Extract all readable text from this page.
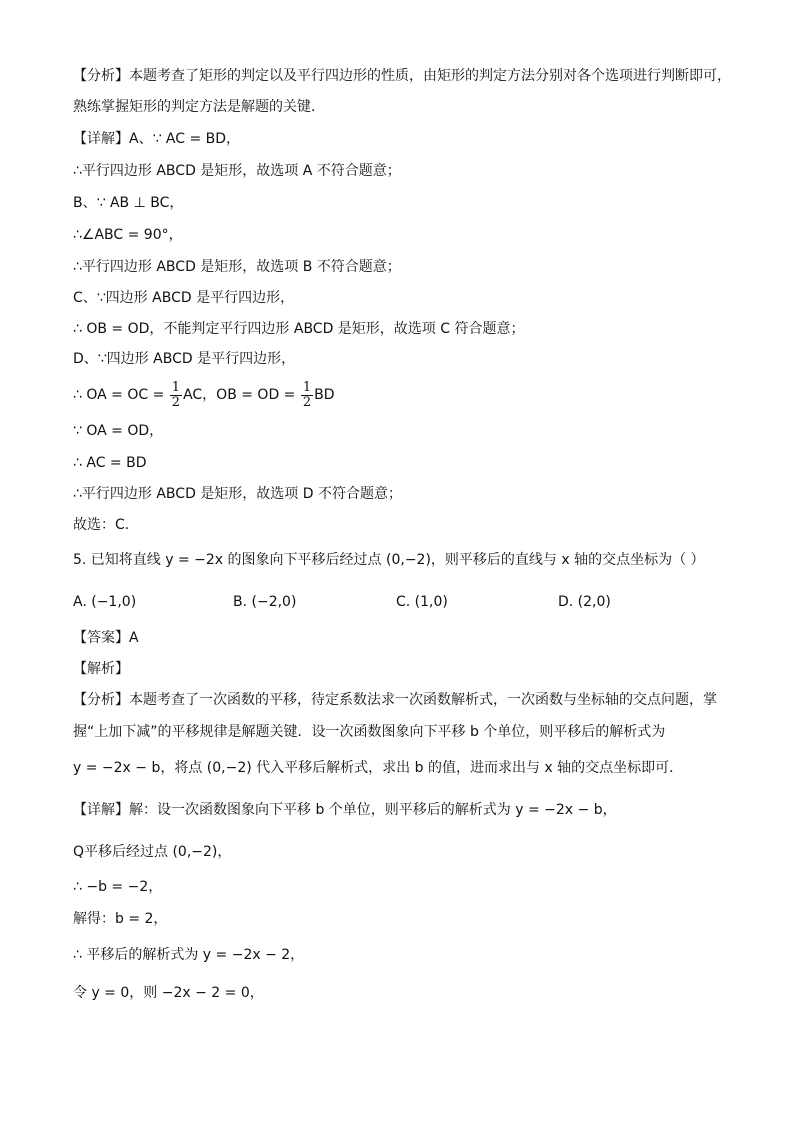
【分析】本题考查了矩形的判定以及平行四边形的性质，由矩形的判定方法分别对各个选项进行判断即可，
熟练掌握矩形的判定方法是解题的关键．
【详解】A、∵ AC = BD，
∴平行四边形 ABCD 是矩形，故选项 A 不符合题意；
B、∵ AB ⊥ BC，
∴∠ABC = 90°，
∴平行四边形 ABCD 是矩形，故选项 B 不符合题意；
C、∵四边形 ABCD 是平行四边形，
∴ OB = OD，不能判定平行四边形 ABCD 是矩形，故选项 C 符合题意；
D、∵四边形 ABCD 是平行四边形，
∴ OA = OC = $\frac{1}{2}$ AC，OB = OD = $\frac{1}{2}$ BD
∵ OA = OD，
∴ AC = BD
∴平行四边形 ABCD 是矩形，故选项 D 不符合题意；
故选：C．
5. 已知将直线 y = −2x 的图象向下平移后经过点 (0,−2)，则平移后的直线与 x 轴的交点坐标为（ ）
A. (−1,0)	B. (−2,0)	C. (1,0)	D. (2,0)
【答案】A
【解析】
【分析】本题考查了一次函数的平移，待定系数法求一次函数解析式，一次函数与坐标轴的交点问题，掌
握“上加下减”的平移规律是解题关键．设一次函数图象向下平移 b 个单位，则平移后的解析式为
y = −2x − b，将点 (0,−2) 代入平移后解析式，求出 b 的值，进而求出与 x 轴的交点坐标即可．
【详解】解：设一次函数图象向下平移 b 个单位，则平移后的解析式为 y = −2x − b，
Q平移后经过点 (0,−2)，
∴ −b = −2，
解得：b = 2，
∴ 平移后的解析式为 y = −2x − 2，
令 y = 0，则 −2x − 2 = 0，
